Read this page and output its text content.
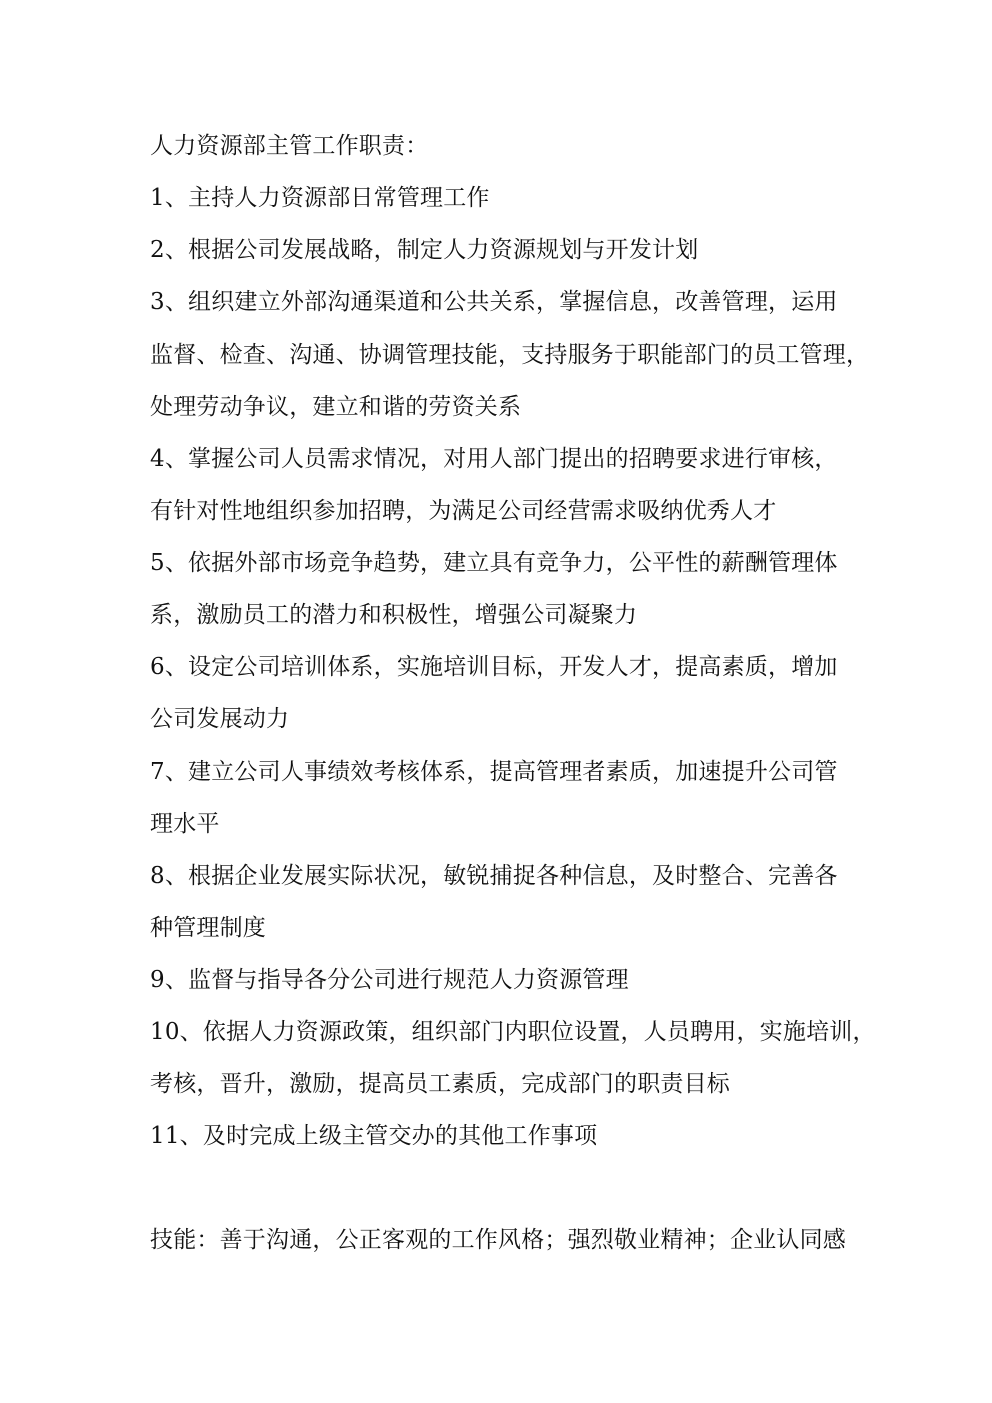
人力资源部主管工作职责：
1、主持人力资源部日常管理工作
2、根据公司发展战略，制定人力资源规划与开发计划
3、组织建立外部沟通渠道和公共关系，掌握信息，改善管理，运用
监督、检查、沟通、协调管理技能，支持服务于职能部门的员工管理，
处理劳动争议，建立和谐的劳资关系
4、掌握公司人员需求情况，对用人部门提出的招聘要求进行审核，
有针对性地组织参加招聘，为满足公司经营需求吸纳优秀人才
5、依据外部市场竞争趋势，建立具有竞争力，公平性的薪酬管理体
系，激励员工的潜力和积极性，增强公司凝聚力
6、设定公司培训体系，实施培训目标，开发人才，提高素质，增加
公司发展动力
7、建立公司人事绩效考核体系，提高管理者素质，加速提升公司管
理水平
8、根据企业发展实际状况，敏锐捕捉各种信息，及时整合、完善各
种管理制度
9、监督与指导各分公司进行规范人力资源管理
10、依据人力资源政策，组织部门内职位设置，人员聘用，实施培训，
考核，晋升，激励，提高员工素质，完成部门的职责目标
11、及时完成上级主管交办的其他工作事项
技能：善于沟通，公正客观的工作风格；强烈敬业精神；企业认同感
